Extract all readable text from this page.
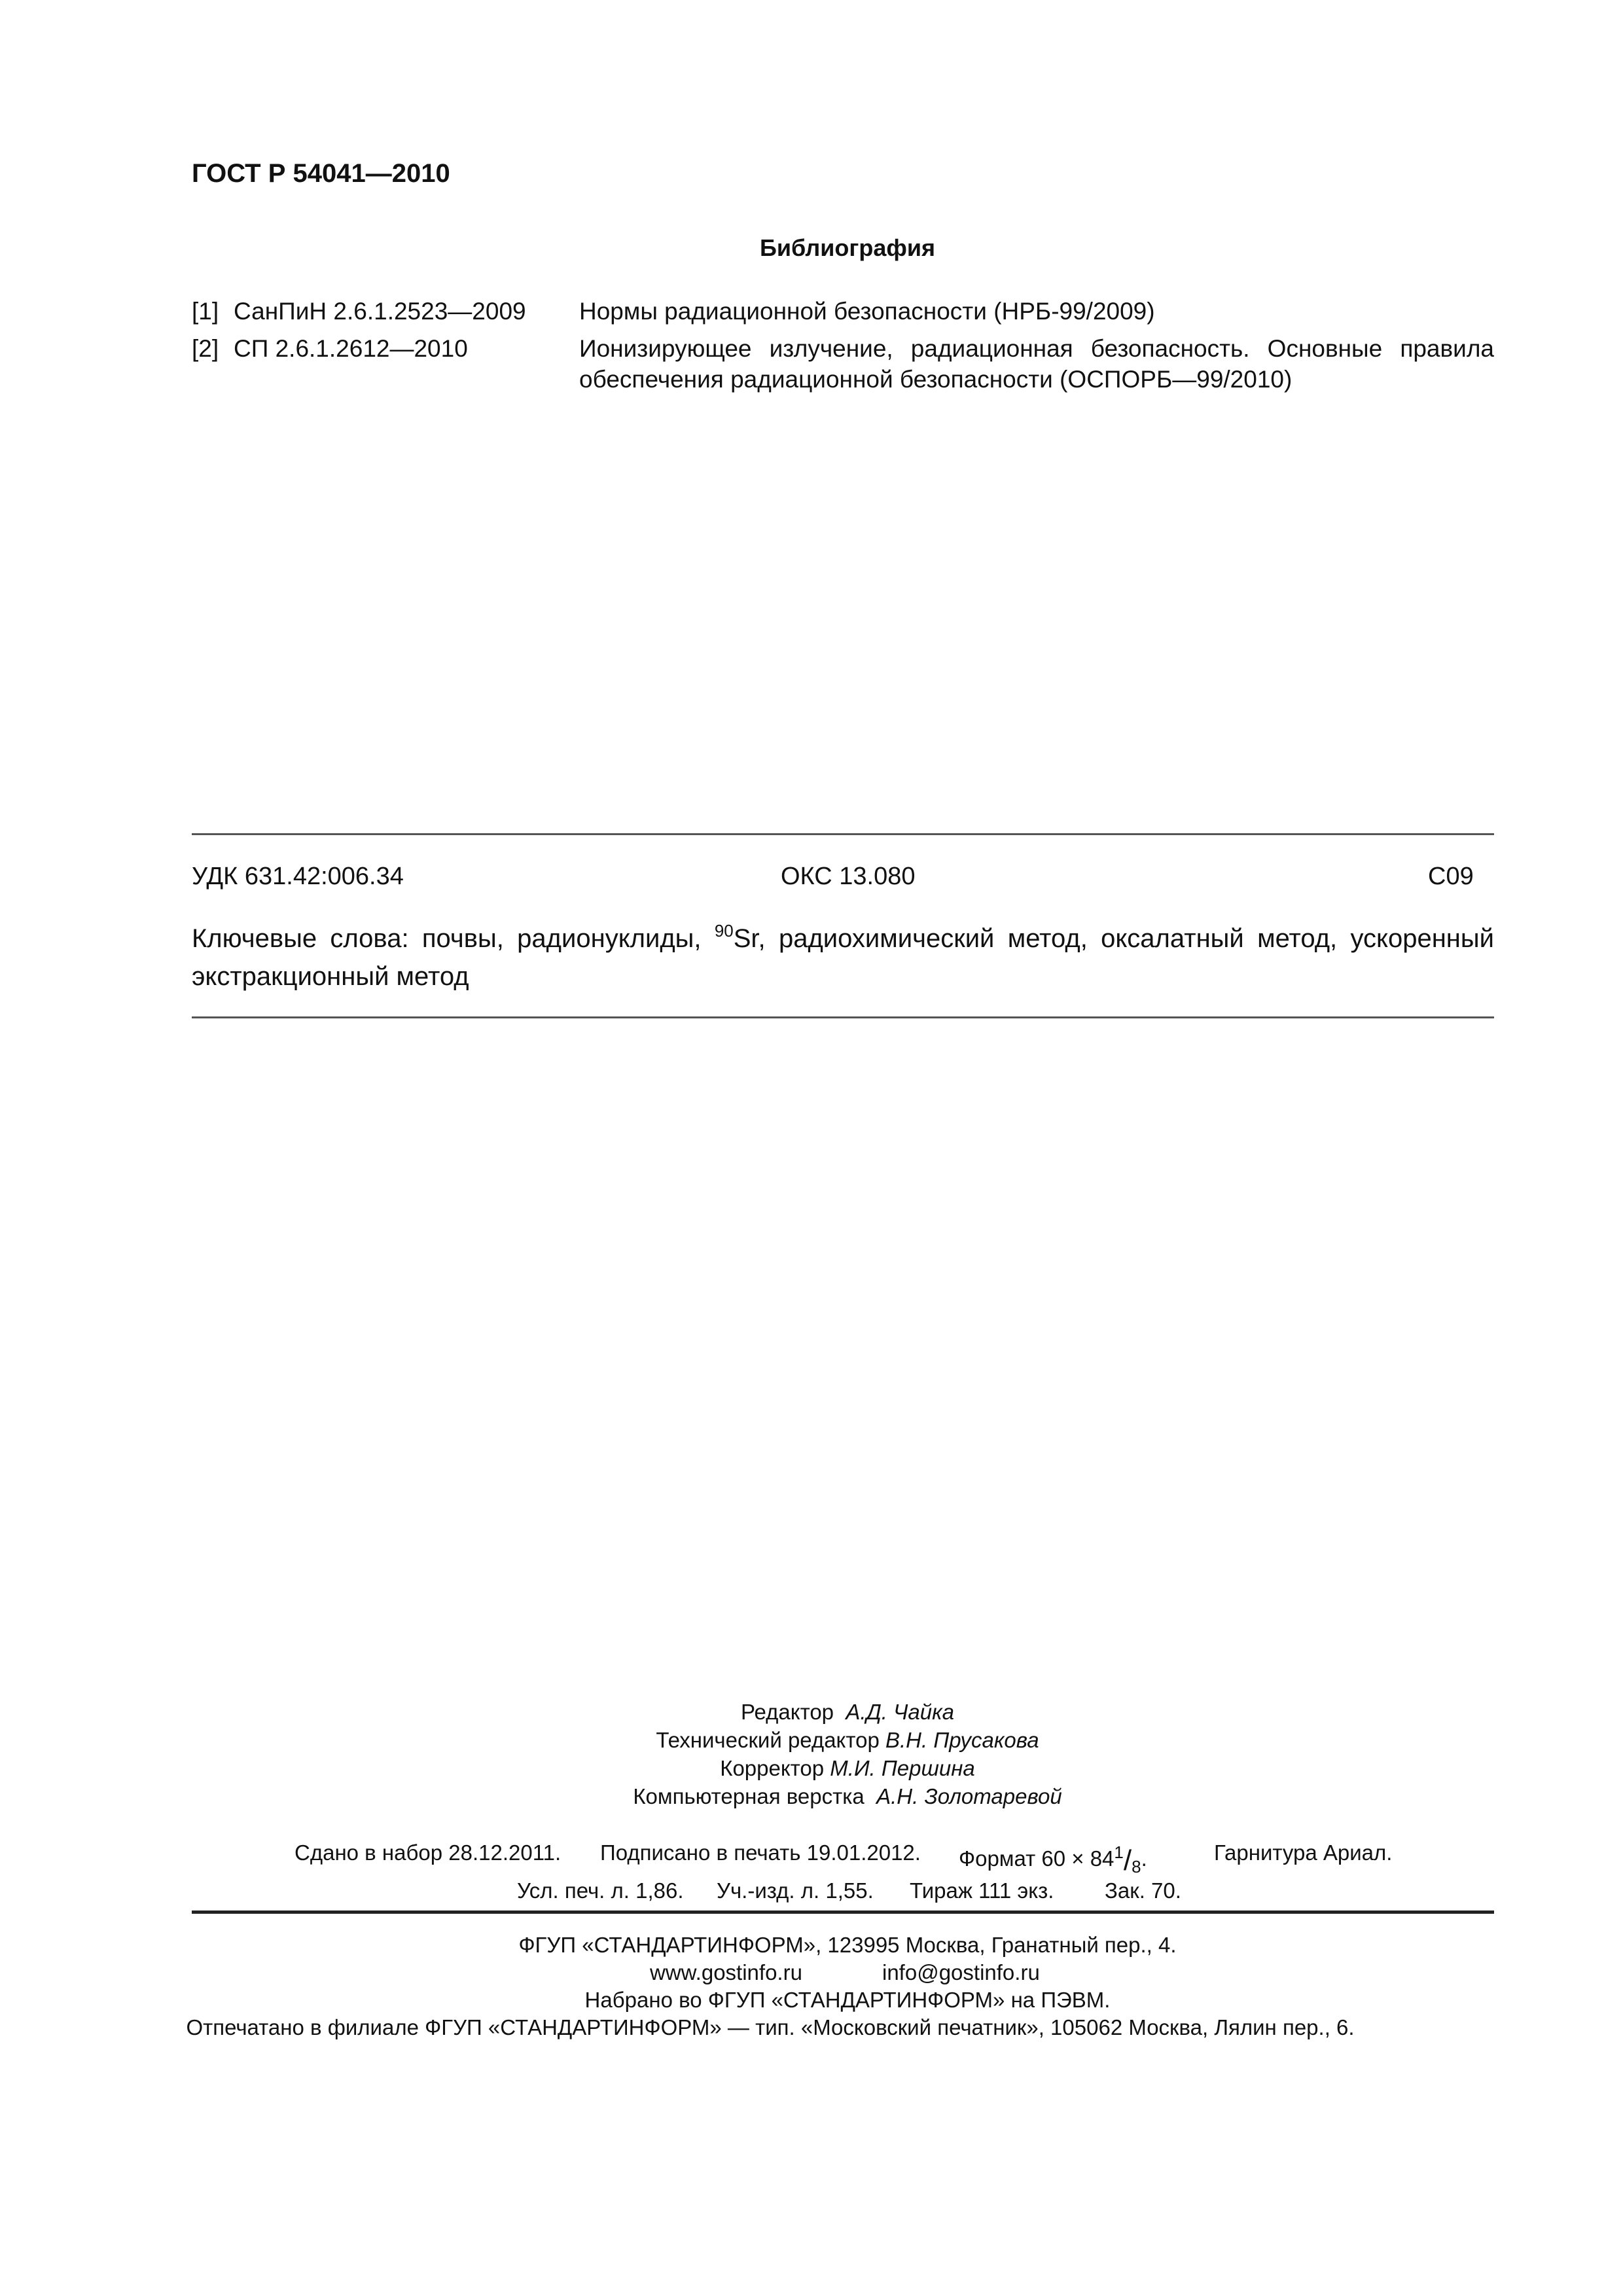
ГОСТ Р 54041—2010
Библиография
[1] СанПиН 2.6.1.2523—2009 Нормы радиационной безопасности (НРБ-99/2009)
[2] СП 2.6.1.2612—2010	Ионизирующее излучение, радиационная безопасность. Основные правила обеспечения радиационной безопасности (ОСПОРБ—99/2010)
УДК 631.42:006.34	ОКС 13.080	С09
Ключевые слова: почвы, радионуклиды, $^{90}$Sr, радиохимический метод, оксалатный метод, ускоренный экстракционный метод
Редактор А.Д. Чайка
Технический редактор В.Н. Прусакова
Корректор М.И. Першина
Компьютерная верстка А.Н. Золотаревой
Сдано в набор 28.12.2011. Подписано в печать 19.01.2012. Формат 60 × 841/8.	Гарнитура Ариал.
Усл. печ. л. 1,86. Уч.-изд. л. 1,55. Тираж 111 экз. Зак. 70.
ФГУП «СТАНДАРТИНФОРМ», 123995 Москва, Гранатный пер., 4.
www.gostinfo.ru	info@gostinfo.ru
Набрано во ФГУП «СТАНДАРТИНФОРМ» на ПЭВМ.
Отпечатано в филиале ФГУП «СТАНДАРТИНФОРМ» — тип. «Московский печатник», 105062 Москва, Лялин пер., 6.
